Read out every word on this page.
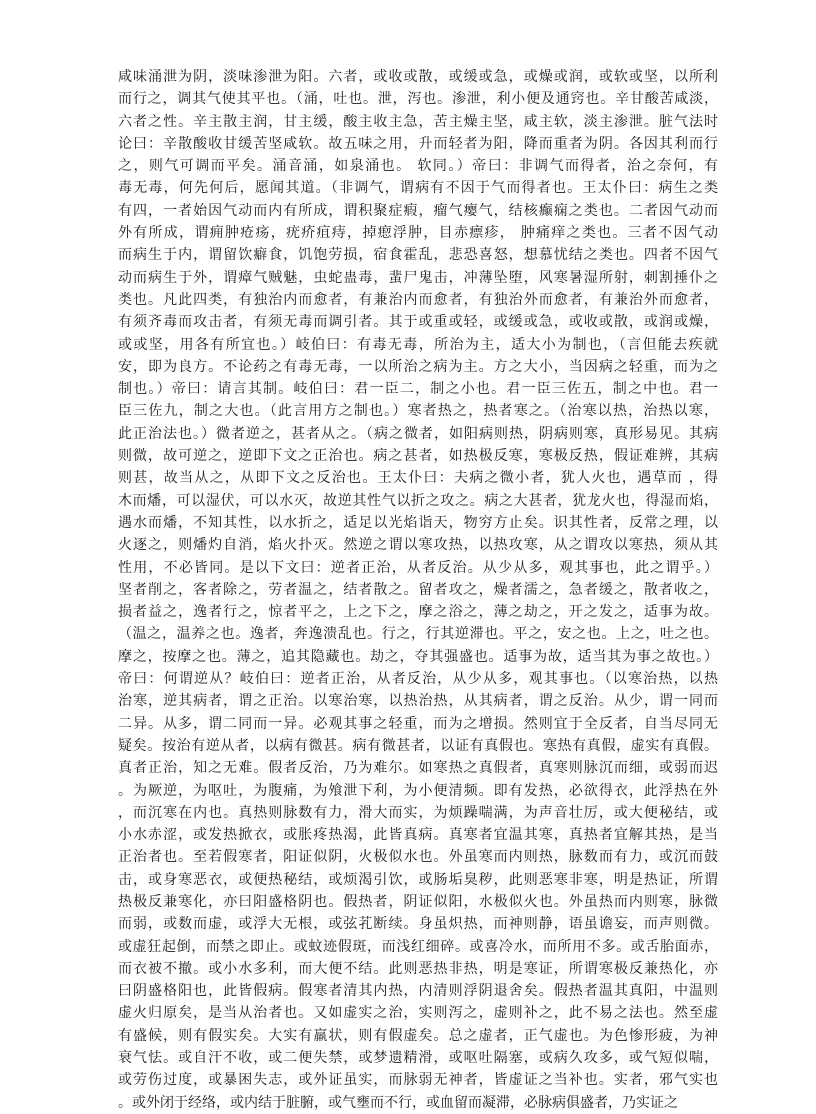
咸味涌泄为阴，淡味渗泄为阳。六者，或收或散，或缓或急，或燥或润，或软或坚，以所利
而行之，调其气使其平也。（涌，吐也。泄，泻也。渗泄，利小便及通窍也。辛甘酸苦咸淡，
六者之性。辛主散主润，甘主缓，酸主收主急，苦主燥主坚，咸主软，淡主渗泄。脏气法时
论曰：辛散酸收甘缓苦坚咸软。故五味之用，升而轻者为阳，降而重者为阴。各因其利而行
之，则气可调而平矣。涌音涌，如泉涌也。 软同。）帝曰：非调气而得者，治之奈何，有
毒无毒，何先何后，愿闻其道。（非调气，谓病有不因于气而得者也。王太仆曰：病生之类
有四，一者始因气动而内有所成，谓积聚症瘕，瘤气瘿气，结核癫痫之类也。二者因气动而
外有所成，谓痈肿疮疡，疣疥疽痔，掉瘛浮肿，目赤瘭疹， 肿痛痒之类也。三者不因气动
而病生于内，谓留饮癖食，饥饱劳损，宿食霍乱，悲恐喜怒，想慕忧结之类也。四者不因气
动而病生于外，谓瘴气贼魅，虫蛇蛊毒，蜚尸鬼击，冲薄坠堕，风寒暑湿所射，刺割捶仆之
类也。凡此四类，有独治内而愈者，有兼治内而愈者，有独治外而愈者，有兼治外而愈者，
有须齐毒而攻击者，有须无毒而调引者。其于或重或轻，或缓或急，或收或散，或润或燥，
或或坚，用各有所宜也。）岐伯曰：有毒无毒，所治为主，适大小为制也，（言但能去疾就
安，即为良方。不论药之有毒无毒，一以所治之病为主。方之大小，当因病之轻重，而为之
制也。）帝曰：请言其制。岐伯曰：君一臣二，制之小也。君一臣三佐五，制之中也。君一
臣三佐九，制之大也。（此言用方之制也。）寒者热之，热者寒之。（治寒以热，治热以寒，
此正治法也。）微者逆之，甚者从之。（病之微者，如阳病则热，阴病则寒，真形易见。其病
则微，故可逆之，逆即下文之正治也。病之甚者，如热极反寒，寒极反热，假证难辨，其病
则甚，故当从之，从即下文之反治也。王太仆曰：夫病之微小者，犹人火也，遇草而 ，得
木而燔，可以湿伏，可以水灭，故逆其性气以折之攻之。病之大甚者，犹龙火也，得湿而焰，
遇水而燔，不知其性，以水折之，适足以光焰诣天，物穷方止矣。识其性者，反常之理，以
火逐之，则燔灼自消，焰火扑灭。然逆之谓以寒攻热，以热攻寒，从之谓攻以寒热，须从其
性用，不必皆同。是以下文曰：逆者正治，从者反治。从少从多，观其事也，此之谓乎。）
坚者削之，客者除之，劳者温之，结者散之。留者攻之，燥者濡之，急者缓之，散者收之，
损者益之，逸者行之，惊者平之，上之下之，摩之浴之，薄之劫之，开之发之，适事为故。
（温之，温养之也。逸者，奔逸溃乱也。行之，行其逆滞也。平之，安之也。上之，吐之也。
摩之，按摩之也。薄之，追其隐藏也。劫之，夺其强盛也。适事为故，适当其为事之故也。）
帝曰：何谓逆从？岐伯曰：逆者正治，从者反治，从少从多，观其事也。（以寒治热，以热
治寒，逆其病者，谓之正治。以寒治寒，以热治热，从其病者，谓之反治。从少，谓一同而
二异。从多，谓二同而一异。必观其事之轻重，而为之增损。然则宜于全反者，自当尽同无
疑矣。按治有逆从者，以病有微甚。病有微甚者，以证有真假也。寒热有真假，虚实有真假。
真者正治，知之无难。假者反治，乃为难尔。如寒热之真假者，真寒则脉沉而细，或弱而迟
。为厥逆，为呕吐，为腹痛，为飧泄下利，为小便清频。即有发热，必欲得衣，此浮热在外
，而沉寒在内也。真热则脉数有力，滑大而实，为烦躁喘满，为声音壮厉，或大便秘结，或
小水赤涩，或发热掀衣，或胀疼热渴，此皆真病。真寒者宜温其寒，真热者宜解其热，是当
正治者也。至若假寒者，阳证似阴，火极似水也。外虽寒而内则热，脉数而有力，或沉而鼓
击，或身寒恶衣，或便热秘结，或烦渴引饮，或肠垢臭秽，此则恶寒非寒，明是热证，所谓
热极反兼寒化，亦曰阳盛格阴也。假热者，阴证似阳，水极似火也。外虽热而内则寒，脉微
而弱，或数而虚，或浮大无根，或弦芤断续。身虽炽热，而神则静，语虽谵妄，而声则微。
或虚狂起倒，而禁之即止。或蚊迹假斑，而浅红细碎。或喜冷水，而所用不多。或舌胎面赤，
而衣被不撤。或小水多利，而大便不结。此则恶热非热，明是寒证，所谓寒极反兼热化，亦
曰阴盛格阳也，此皆假病。假寒者清其内热，内清则浮阴退舍矣。假热者温其真阳，中温则
虚火归原矣，是当从治者也。又如虚实之治，实则泻之，虚则补之，此不易之法也。然至虚
有盛候，则有假实矣。大实有羸状，则有假虚矣。总之虚者，正气虚也。为色惨形疲，为神
衰气怯。或自汗不收，或二便失禁，或梦遗精滑，或呕吐隔塞，或病久攻多，或气短似喘，
或劳伤过度，或暴困失志，或外证虽实，而脉弱无神者，皆虚证之当补也。实者，邪气实也
。或外闭于经络，或内结于脏腑，或气壅而不行，或血留而凝滞，必脉病俱盛者，乃实证之
